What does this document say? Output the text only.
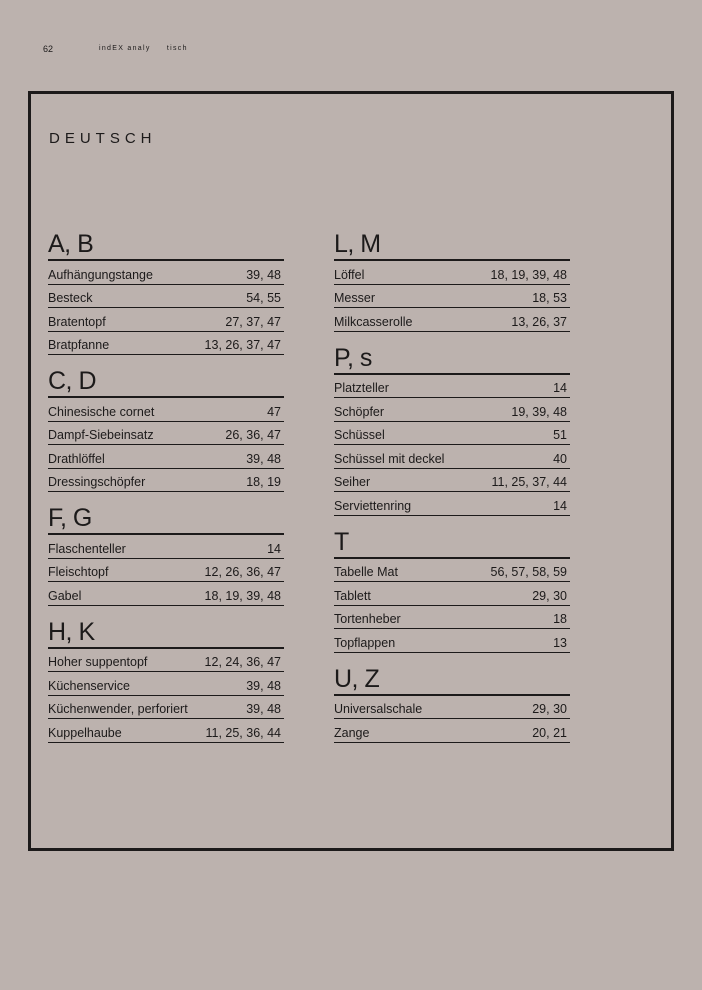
62	indEX analy     tisch
DEUTSCH
A, B
Aufhängungstange	39, 48
Besteck	54, 55
Bratentopf	27, 37, 47
Bratpfanne	13, 26, 37, 47
C, D
Chinesische cornet	47
Dampf-Siebeinsatz	26, 36, 47
Drathlöffel	39, 48
Dressingschöpfer	18, 19
F, G
Flaschenteller	14
Fleischtopf	12, 26, 36, 47
Gabel	18, 19, 39, 48
H, K
Hoher suppentopf	12, 24, 36, 47
Küchenservice	39, 48
Küchenwender, perforiert	39, 48
Kuppelhaube	11, 25, 36, 44
L, M
Löffel	18, 19, 39, 48
Messer	18, 53
Milkcasserolle	13, 26, 37
P, s
Platzteller	14
Schöpfer	19, 39, 48
Schüssel	51
Schüssel mit deckel	40
Seiher	11, 25, 37, 44
Serviettenring	14
T
Tabelle Mat	56, 57, 58, 59
Tablett	29, 30
Tortenheber	18
Topflappen	13
U, Z
Universalschale	29, 30
Zange	20, 21
